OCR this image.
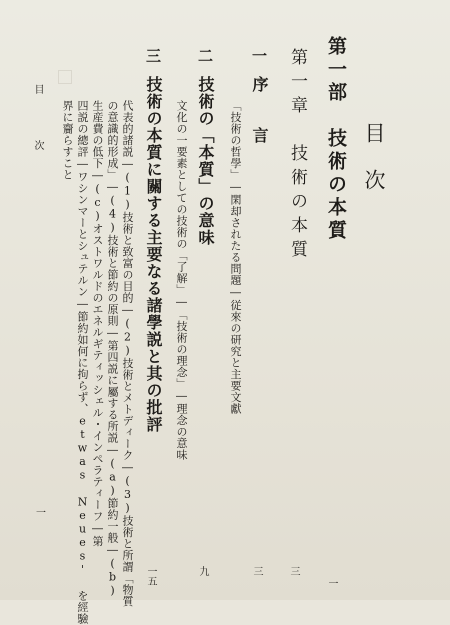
目次
第一部　技術の本質
一
第一章　技術の本質
三
一
序　　言
三
「技術の哲學」―閑却されたる問題―従來の研究と主要文獻
二
技術の「本質」の意味
九
文化の一要素としての技術の「了解」―「技術の理念」―理念の意味
三
技術の本質に關する主要なる諸學説と其の批評
一五
代表的諸説―(1)技術と致富の目的―(2)技術とメトディーク―(3)技術と所謂「物質
の意識的形成」―(4)技術と節約の原則―第四説に屬する所説―(a)節約一般―(b)
生産費の低下―(c)オストワルドのエネルギティッシェル・インペラティーフ―第
四説の總評―ワシンマーとシュテルン―節約如何に拘らず、etwas Neues' を經驗
界に齎らすこと
目　次
一
